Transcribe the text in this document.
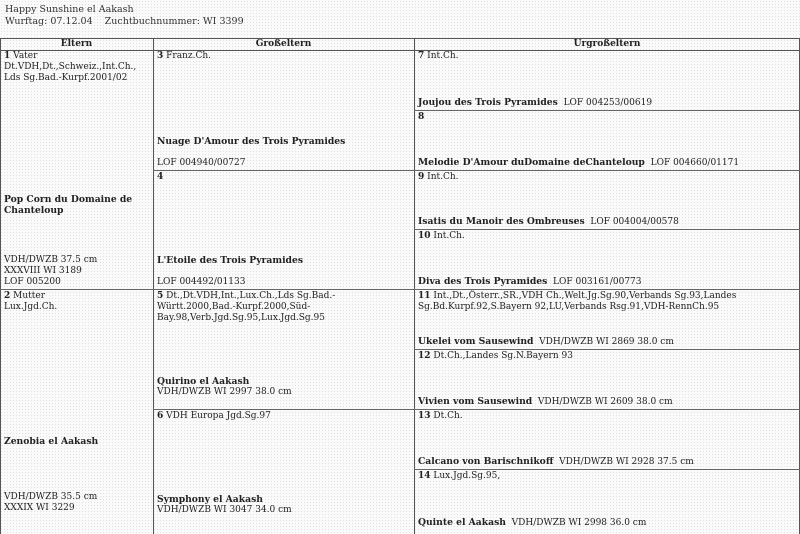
Happy Sunshine el Aakash
Wurftag: 07.12.04 Zuchtbuchnummer: WI 3399
Eltern	Großeltern	Urgroßeltern
1 Vater
Dt.VDH,Dt.,Schweiz.,Int.Ch.,
Lds Sg.Bad.-Kurpf.2001/02
Pop Corn du Domaine de
Chanteloup
VDH/DWZB 37.5 cm
XXXVIII WI 3189
LOF 005200
2 Mutter
Lux.Jgd.Ch.
Zenobia el Aakash
VDH/DWZB 35.5 cm
XXXIX WI 3229
3 Franz.Ch.
Nuage D'Amour des Trois Pyramides
LOF 004940/00727
4
L'Etoile des Trois Pyramides
LOF 004492/01133
5 Dt.,Dt.VDH,Int.,Lux.Ch.,Lds Sg.Bad.-Württ.2000,Bad.-Kurpf.2000,Süd-Bay.98,Verb.Jgd.Sg.95,Lux.Jgd.Sg.95
Quirino el Aakash
VDH/DWZB WI 2997 38.0 cm
6 VDH Europa Jgd.Sg.97
Symphony el Aakash
VDH/DWZB WI 3047 34.0 cm
7 Int.Ch.
Joujou des Trois Pyramides LOF 004253/00619
8
Melodie D'Amour duDomaine deChanteloup LOF 004660/01171
9 Int.Ch.
Isatis du Manoir des Ombreuses LOF 004004/00578
10 Int.Ch.
Diva des Trois Pyramides LOF 003161/00773
11 Int.,Dt.,Österr.,SR.,VDH Ch.,Welt.Jg.Sg.90,Verbands Sg.93,Landes Sg.Bd.Kurpf.92,S.Bayern 92,LU,Verbands Rsg.91,VDH-RennCh.95
Ukelei vom Sausewind VDH/DWZB WI 2869 38.0 cm
12 Dt.Ch.,Landes Sg.N.Bayern 93
Vivien vom Sausewind VDH/DWZB WI 2609 38.0 cm
13 Dt.Ch.
Calcano von Barischnikoff VDH/DWZB WI 2928 37.5 cm
14 Lux.Jgd.Sg.95,
Quinte el Aakash VDH/DWZB WI 2998 36.0 cm
